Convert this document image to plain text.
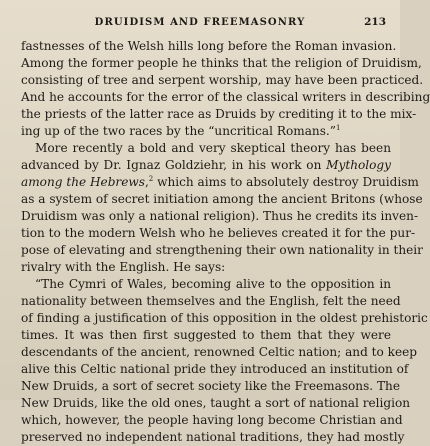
DRUIDISM AND FREEMASONRY	213
fastnesses of the Welsh hills long before the Roman invasion.
Among the former people he thinks that the religion of Druidism,
consisting of tree and serpent worship, may have been practiced.
And he accounts for the error of the classical writers in describing
the priests of the latter race as Druids by crediting it to the mix-
ing up of the two races by the “uncritical Romans.”$^1$
More recently a bold and very skeptical theory has been
advanced by Dr. Ignaz Goldziehr, in his work on Mythology
among the Hebrews,$^2$ which aims to absolutely destroy Druidism
as a system of secret initiation among the ancient Britons (whose
Druidism was only a national religion). Thus he credits its inven-
tion to the modern Welsh who he believes created it for the pur-
pose of elevating and strengthening their own nationality in their
rivalry with the English. He says:
“The Cymri of Wales, becoming alive to the opposition in
nationality between themselves and the English, felt the need
of finding a justification of this opposition in the oldest prehistoric
times. It was then first suggested to them that they were
descendants of the ancient, renowned Celtic nation; and to keep
alive this Celtic national pride they introduced an institution of
New Druids, a sort of secret society like the Freemasons. The
New Druids, like the old ones, taught a sort of national religion
which, however, the people having long become Christian and
preserved no independent national traditions, they had mostly
